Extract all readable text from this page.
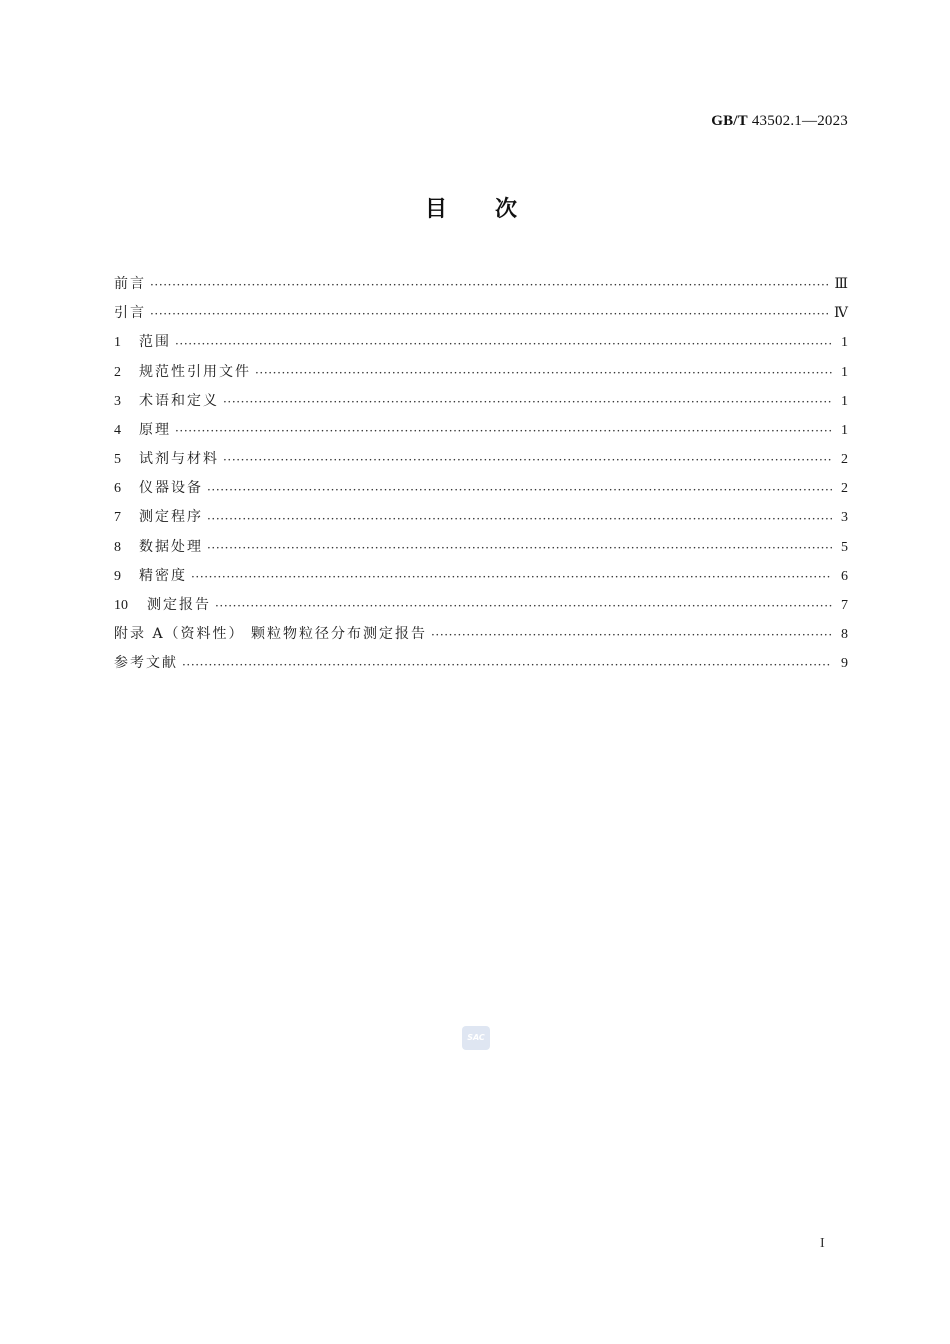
GB/T 43502.1—2023
目次
前言 ·····	Ⅲ
引言 ·····	Ⅳ
1	范围 ·····	1
2	规范性引用文件 ·····	1
3	术语和定义 ·····	1
4	原理 ·····	1
5	试剂与材料 ·····	2
6	仪器设备 ·····	2
7	测定程序 ·····	3
8	数据处理 ·····	5
9	精密度 ·····	6
10	测定报告 ·····	7
附录 A（资料性） 颗粒物粒径分布测定报告 ·····	8
参考文献 ·····	9
SAC
I
